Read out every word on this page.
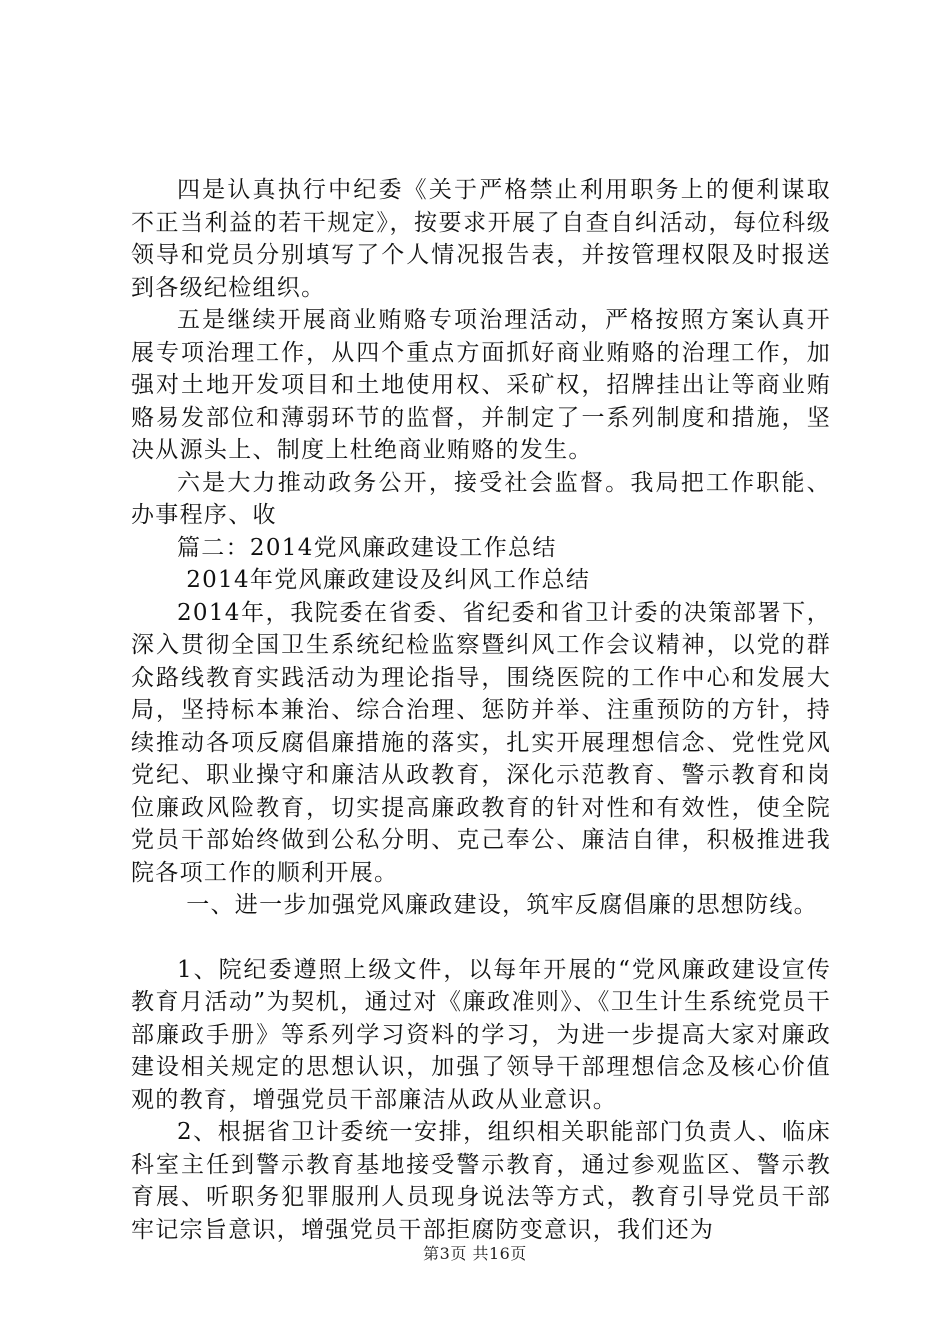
四是认真执行中纪委《关于严格禁止利用职务上的便利谋取不正当利益的若干规定》，按要求开展了自查自纠活动，每位科级领导和党员分别填写了个人情况报告表，并按管理权限及时报送到各级纪检组织。

五是继续开展商业贿赂专项治理活动，严格按照方案认真开展专项治理工作，从四个重点方面抓好商业贿赂的治理工作，加强对土地开发项目和土地使用权、采矿权，招牌挂出让等商业贿赂易发部位和薄弱环节的监督，并制定了一系列制度和措施，坚决从源头上、制度上杜绝商业贿赂的发生。

六是大力推动政务公开，接受社会监督。我局把工作职能、办事程序、收

篇二：2014党风廉政建设工作总结

2014年党风廉政建设及纠风工作总结

2014年，我院委在省委、省纪委和省卫计委的决策部署下，深入贯彻全国卫生系统纪检监察暨纠风工作会议精神，以党的群众路线教育实践活动为理论指导，围绕医院的工作中心和发展大局，坚持标本兼治、综合治理、惩防并举、注重预防的方针，持续推动各项反腐倡廉措施的落实，扎实开展理想信念、党性党风党纪、职业操守和廉洁从政教育，深化示范教育、警示教育和岗位廉政风险教育，切实提高廉政教育的针对性和有效性，使全院党员干部始终做到公私分明、克己奉公、廉洁自律，积极推进我院各项工作的顺利开展。

一、进一步加强党风廉政建设，筑牢反腐倡廉的思想防线。

1、院纪委遵照上级文件，以每年开展的“党风廉政建设宣传教育月活动”为契机，通过对《廉政准则》、《卫生计生系统党员干部廉政手册》等系列学习资料的学习，为进一步提高大家对廉政建设相关规定的思想认识，加强了领导干部理想信念及核心价值观的教育，增强党员干部廉洁从政从业意识。

2、根据省卫计委统一安排，组织相关职能部门负责人、临床科室主任到警示教育基地接受警示教育，通过参观监区、警示教育展、听职务犯罪服刑人员现身说法等方式，教育引导党员干部牢记宗旨意识，增强党员干部拒腐防变意识，我们还为

第3页 共16页
